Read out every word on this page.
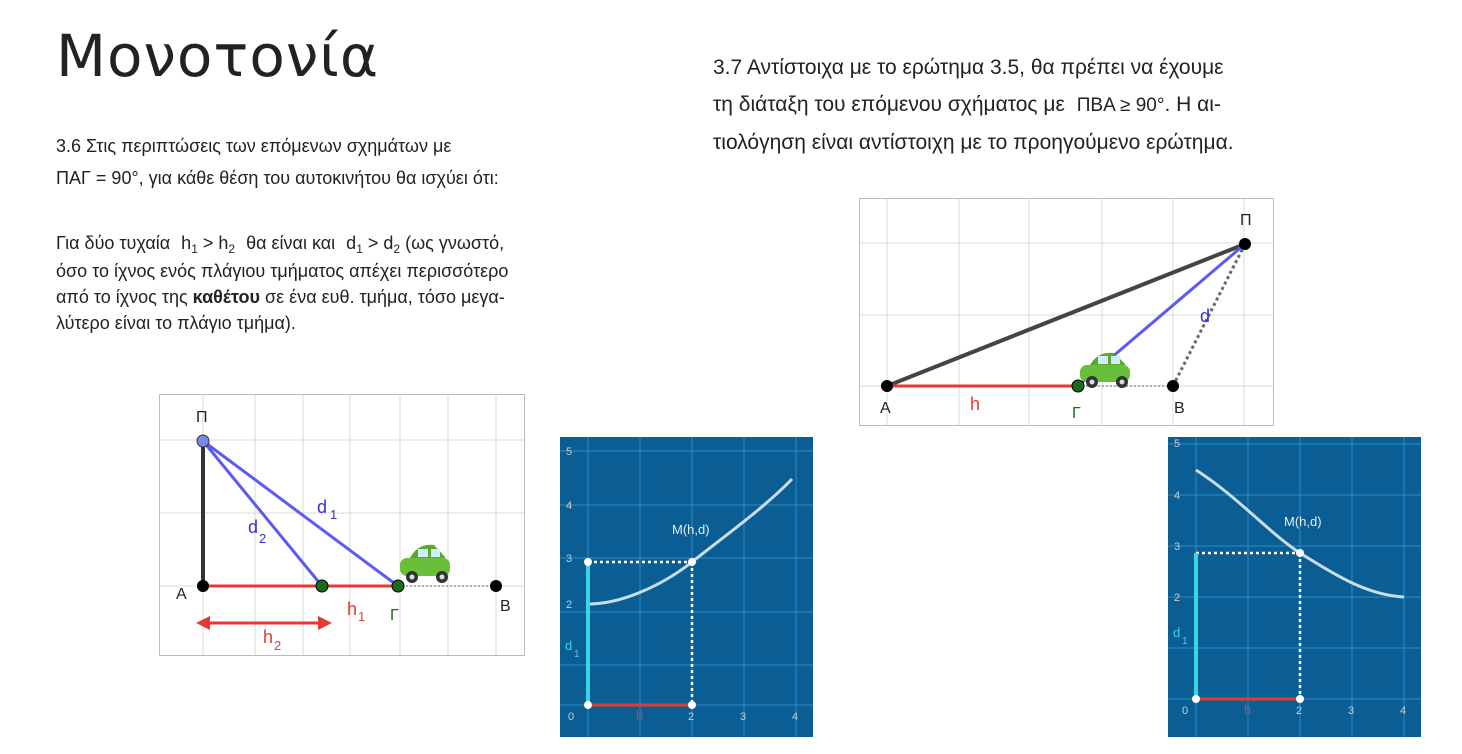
Μονοτονία
3.6 Στις περιπτώσεις των επόμενων σχημάτων με
ΠΑΓ = 90°, για κάθε θέση του αυτοκινήτου θα ισχύει ότι:
Για δύο τυχαία $h_1 > h_2$ θα είναι και $d_1 > d_2$ (ως γνωστό,
όσο το ίχνος ενός πλάγιου τμήματος απέχει περισσότερο
από το ίχνος της καθέτου σε ένα ευθ. τμήμα, τόσο μεγα-
λύτερο είναι το πλάγιο τμήμα).
3.7 Αντίστοιχα με το ερώτημα 3.5, θα πρέπει να έχουμε
τη διάταξη του επόμενου σχήματος με ΠΒΑ ≥ 90°. Η αι-
τιολόγηση είναι αντίστοιχη με το προηγούμενο ερώτημα.
Π
Α
Γ
Β
d 1
d
2
h 1
h 2
5
4
3
2
0	2	3	4
M(h,d)
d
1
h
Π
A	Γ	B
d
h
5
4
3
2
0	2	3	4
M(h,d)
d
1
h
